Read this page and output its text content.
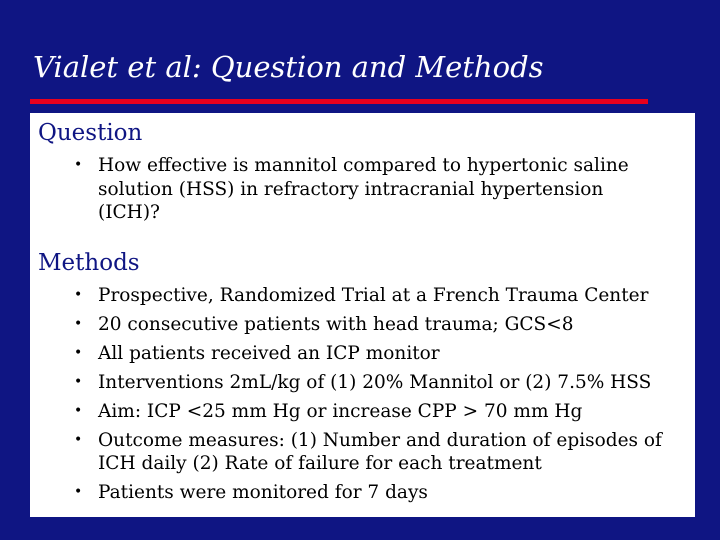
Vialet et al: Question and Methods
Question
• How effective is mannitol compared to hypertonic saline solution (HSS) in refractory intracranial hypertension (ICH)?
Methods
• Prospective, Randomized Trial at a French Trauma Center
• 20 consecutive patients with head trauma; GCS<8
• All patients received an ICP monitor
• Interventions 2mL/kg of (1) 20% Mannitol or (2) 7.5% HSS
• Aim: ICP <25 mm Hg or increase CPP > 70 mm Hg
• Outcome measures: (1) Number and duration of episodes of ICH daily (2) Rate of failure for each treatment
• Patients were monitored for 7 days
